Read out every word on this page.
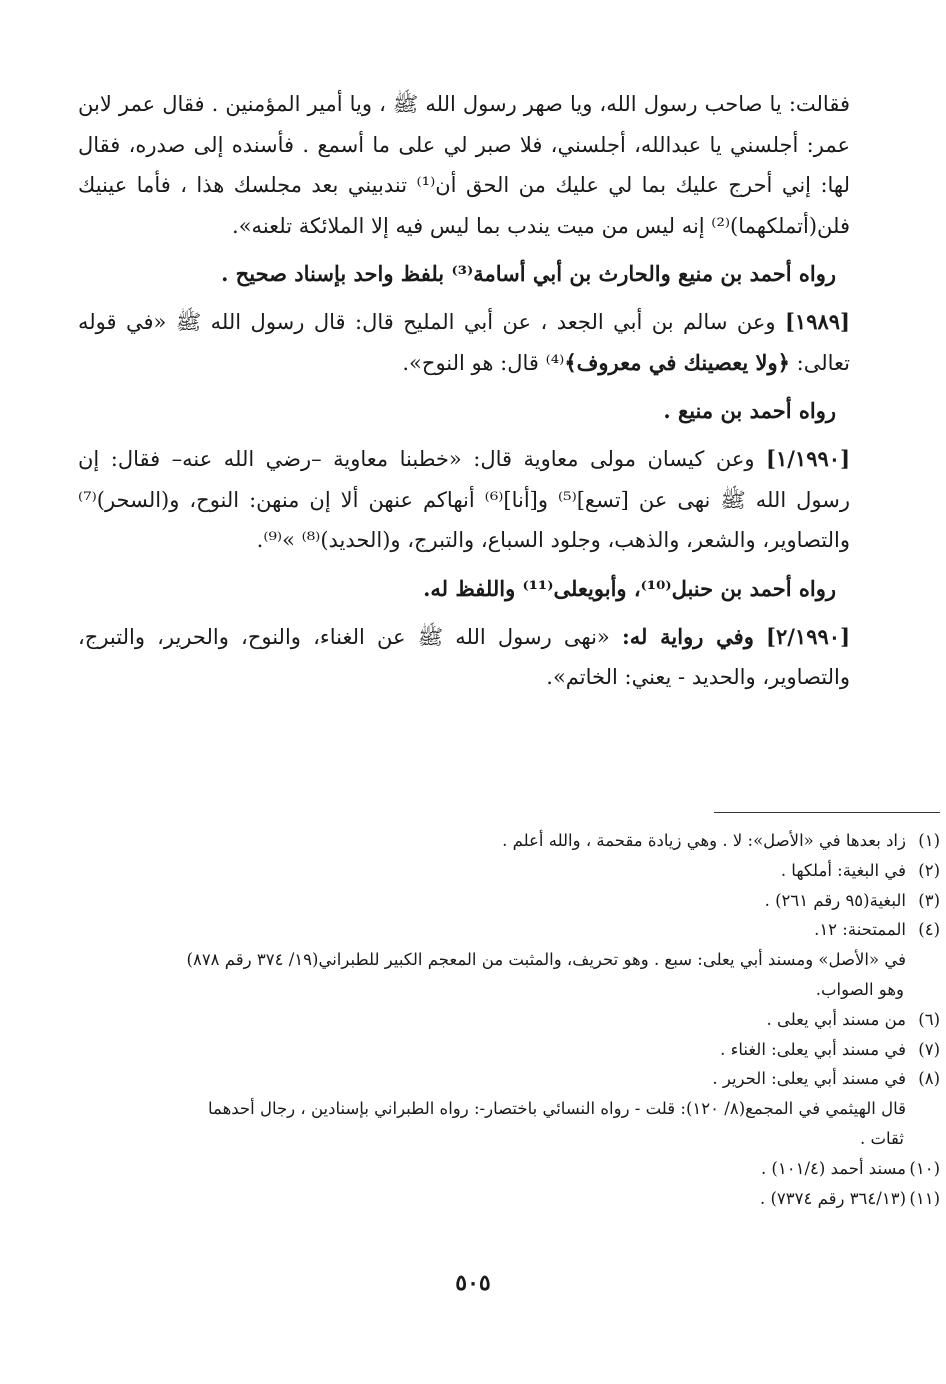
فقالت: يا صاحب رسول الله، ويا صهر رسول الله ﷺ ، ويا أمير المؤمنين . فقال عمر لابن عمر: أجلسني يا عبدالله، أجلسني، فلا صبر لي على ما أسمع . فأسنده إلى صدره، فقال لها: إني أحرج عليك بما لي عليك من الحق أن⁽¹⁾ تندبيني بعد مجلسك هذا ، فأما عينيك فلن(أتملكهما)⁽²⁾ إنه ليس من ميت يندب بما ليس فيه إلا الملائكة تلعنه».

رواه أحمد بن منيع والحارث بن أبي أسامة⁽³⁾ بلفظ واحد بإسناد صحيح .

[١٩٨٩] وعن سالم بن أبي الجعد ، عن أبي المليح قال: قال رسول الله ﷺ «في قوله تعالى: ﴿ولا يعصينك في معروف﴾⁽⁴⁾ قال: هو النوح».

رواه أحمد بن منيع .

[١/١٩٩٠] وعن كيسان مولى معاوية قال: «خطبنا معاوية –رضي الله عنه– فقال: إن رسول الله ﷺ نهى عن [تسع]⁽⁵⁾ و[أنا]⁽⁶⁾ أنهاكم عنهن ألا إن منهن: النوح، و(السحر)⁽⁷⁾ والتصاوير، والشعر، والذهب، وجلود السباع، والتبرج، و(الحديد)⁽⁸⁾ »⁽⁹⁾.

رواه أحمد بن حنبل⁽¹⁰⁾، وأبويعلى⁽¹¹⁾ واللفظ له.

[٢/١٩٩٠] وفي رواية له: «نهى رسول الله ﷺ عن الغناء، والنوح، والحرير، والتبرج، والتصاوير، والحديد - يعني: الخاتم».

(١)زاد بعدها في «الأصل»: لا . وهي زيادة مقحمة ، والله أعلم .

(٢)في البغية: أملكها .

(٣)البغية(٩٥ رقم ٢٦١) .

(٤)الممتحنة: ١٢.

في «الأصل» ومسند أبي يعلى: سبع . وهو تحريف، والمثبت من المعجم الكبير للطبراني(١٩/ ٣٧٤ رقم ٨٧٨) وهو الصواب.

(٦)من مسند أبي يعلى .

(٧)في مسند أبي يعلى: الغناء .

(٨)في مسند أبي يعلى: الحرير .

قال الهيثمي في المجمع(٨/ ١٢٠): قلت - رواه النسائي باختصار-: رواه الطبراني بإسنادين ، رجال أحدهما ثقات .

(١٠)مسند أحمد (١٠١/٤) .

(١١)(٣٦٤/١٣ رقم ٧٣٧٤) .

٥٠٥
